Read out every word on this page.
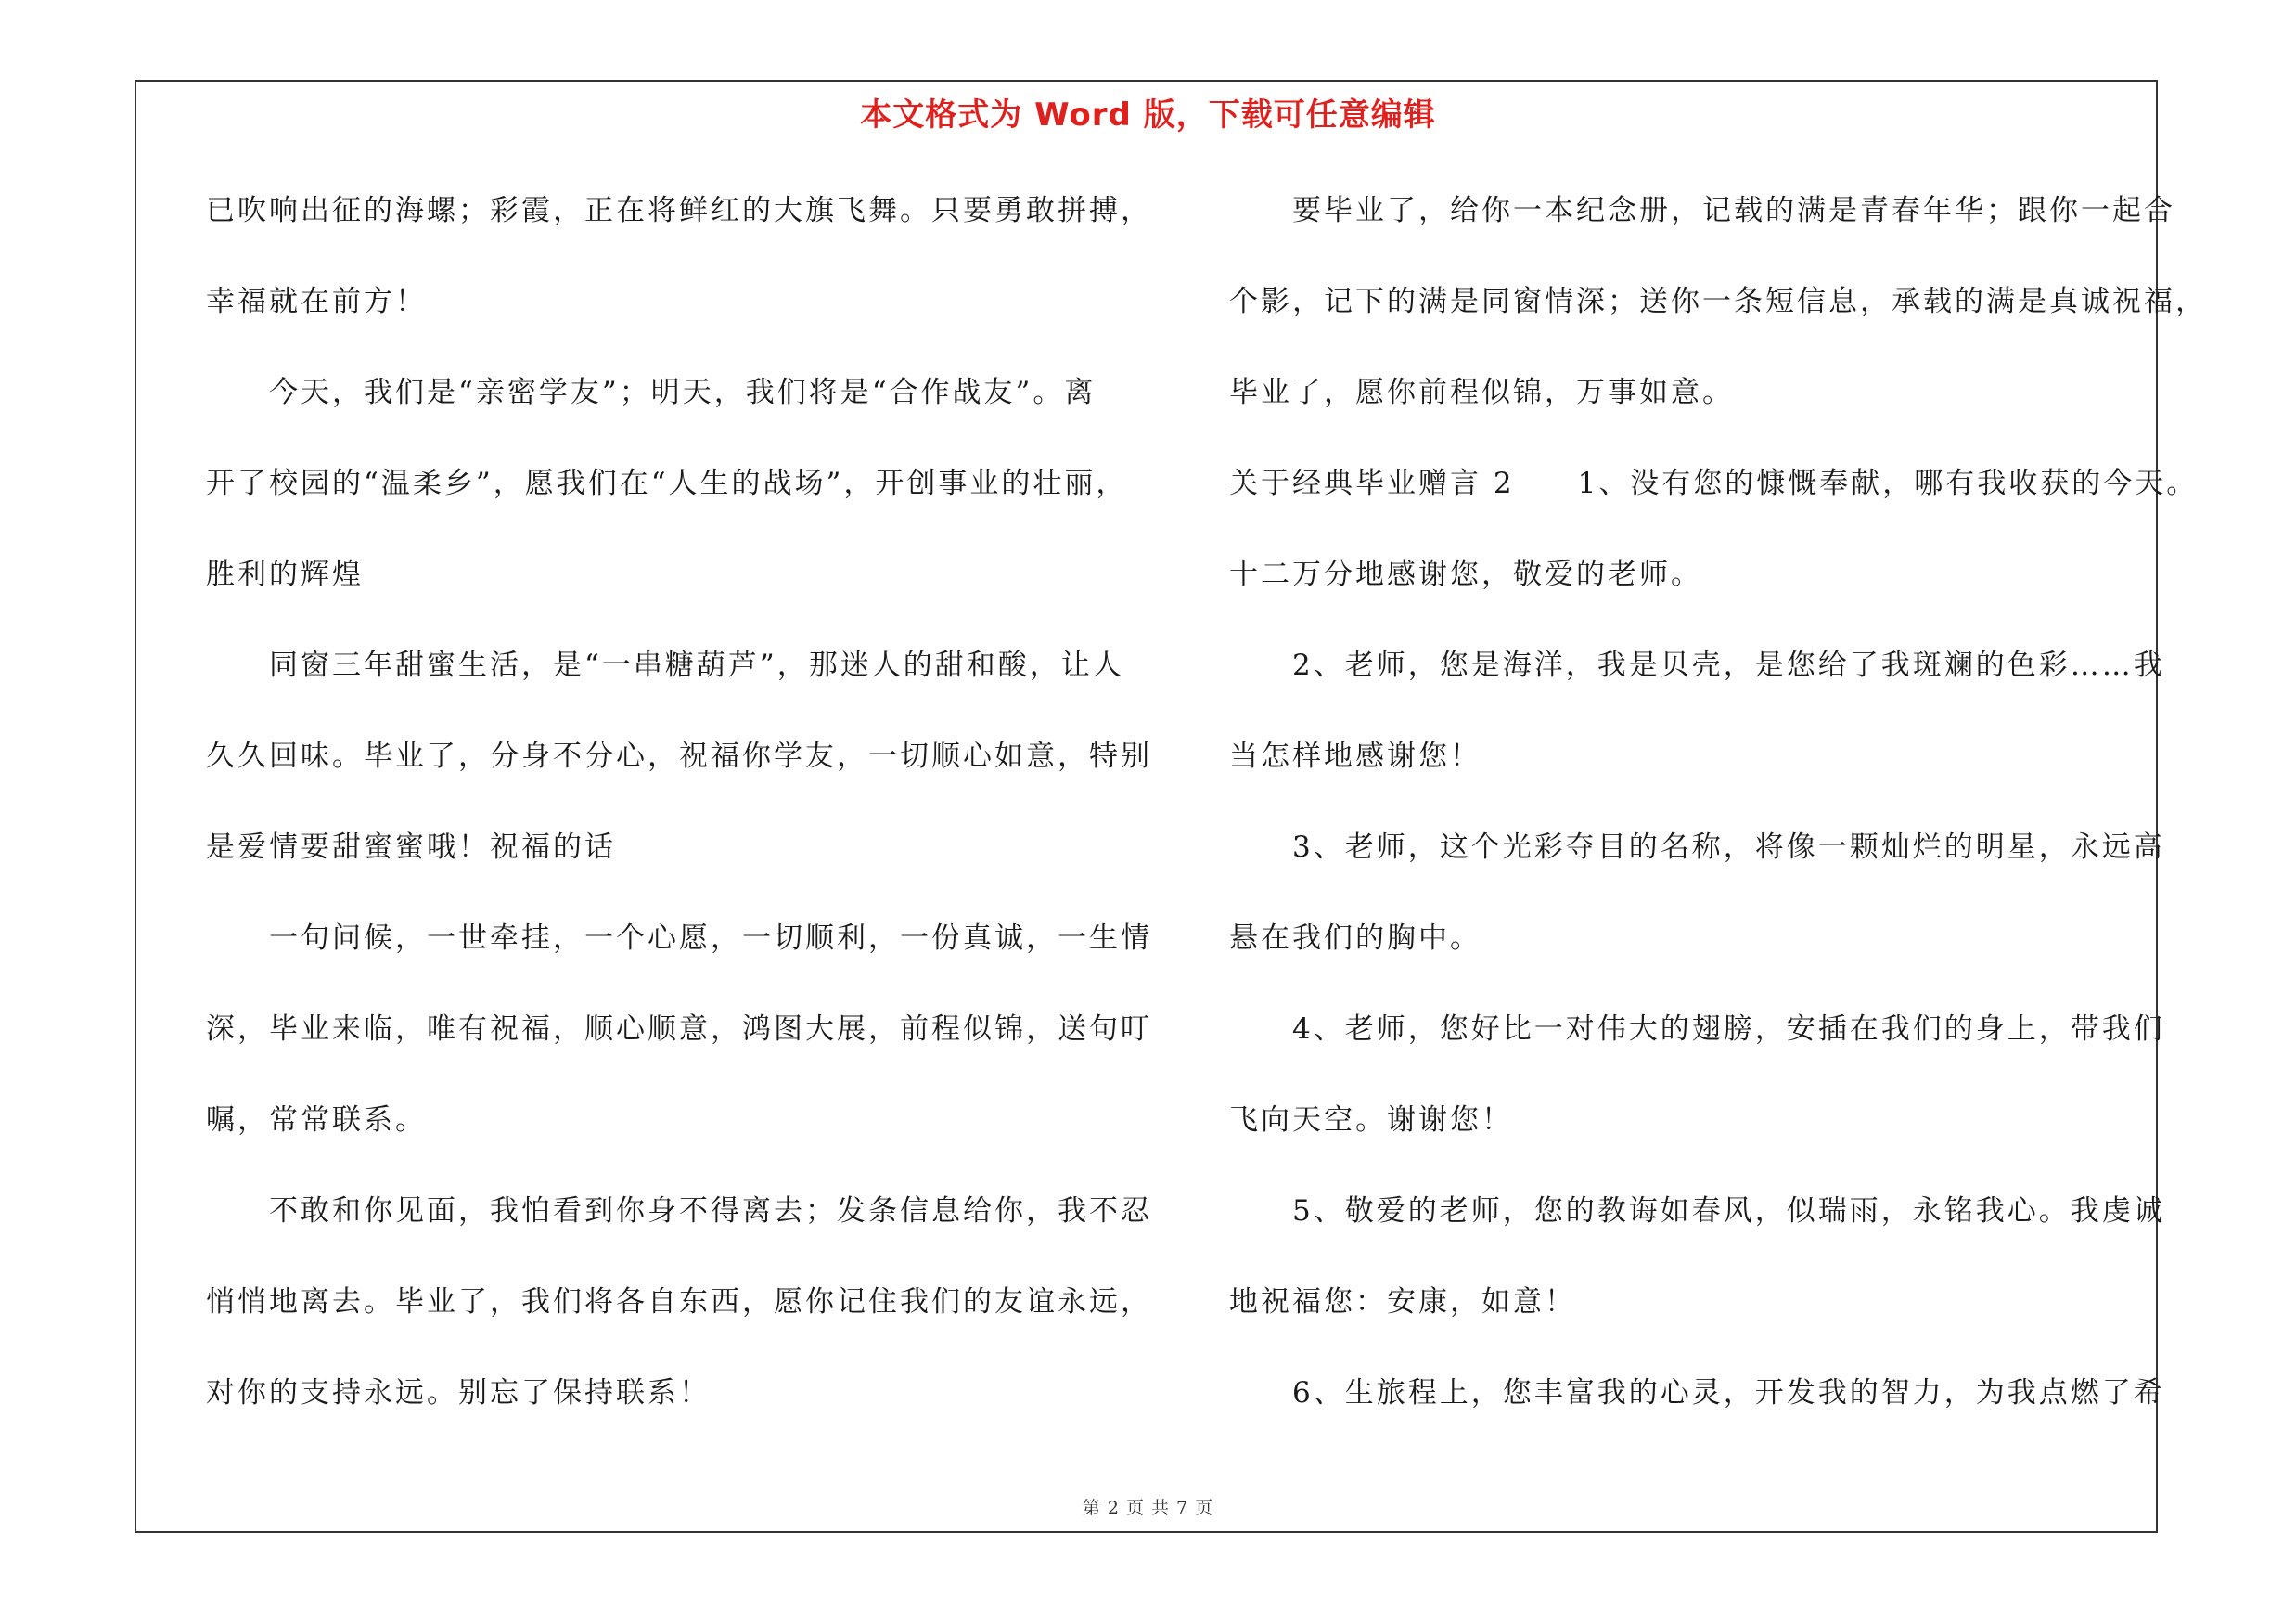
本文格式为 Word 版，下载可任意编辑
已吹响出征的海螺；彩霞，正在将鲜红的大旗飞舞。只要勇敢拼搏，
幸福就在前方！
　　今天，我们是“亲密学友”；明天，我们将是“合作战友”。离
开了校园的“温柔乡”，愿我们在“人生的战场”，开创事业的壮丽，
胜利的辉煌
　　同窗三年甜蜜生活，是“一串糖葫芦”，那迷人的甜和酸，让人
久久回味。毕业了，分身不分心，祝福你学友，一切顺心如意，特别
是爱情要甜蜜蜜哦！祝福的话
　　一句问候，一世牵挂，一个心愿，一切顺利，一份真诚，一生情
深，毕业来临，唯有祝福，顺心顺意，鸿图大展，前程似锦，送句叮
嘱，常常联系。
　　不敢和你见面，我怕看到你身不得离去；发条信息给你，我不忍
悄悄地离去。毕业了，我们将各自东西，愿你记住我们的友谊永远，
对你的支持永远。别忘了保持联系！
　　要毕业了，给你一本纪念册，记载的满是青春年华；跟你一起合
个影，记下的满是同窗情深；送你一条短信息，承载的满是真诚祝福，
毕业了，愿你前程似锦，万事如意。
关于经典毕业赠言 2　　1、没有您的慷慨奉献，哪有我收获的今天。
十二万分地感谢您，敬爱的老师。
　　2、老师，您是海洋，我是贝壳，是您给了我斑斓的色彩……我
当怎样地感谢您！
　　3、老师，这个光彩夺目的名称，将像一颗灿烂的明星，永远高
悬在我们的胸中。
　　4、老师，您好比一对伟大的翅膀，安插在我们的身上，带我们
飞向天空。谢谢您！
　　5、敬爱的老师，您的教诲如春风，似瑞雨，永铭我心。我虔诚
地祝福您：安康，如意！
　　6、生旅程上，您丰富我的心灵，开发我的智力，为我点燃了希
第 2 页 共 7 页
